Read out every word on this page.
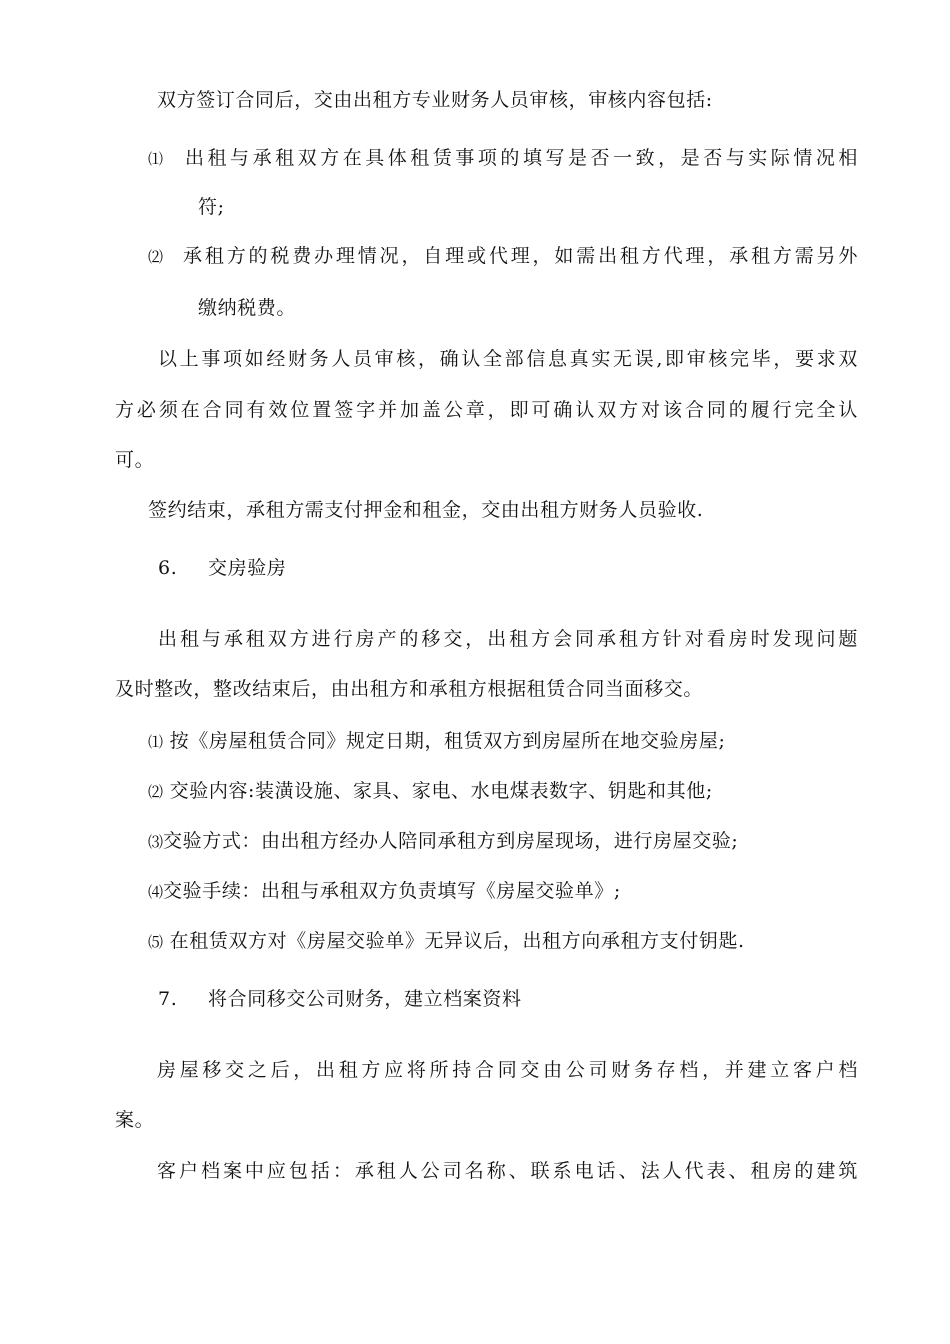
双方签订合同后，交由出租方专业财务人员审核，审核内容包括:
⑴ 出租与承租双方在具体租赁事项的填写是否一致，是否与实际情况相
符;
⑵ 承租方的税费办理情况，自理或代理，如需出租方代理，承租方需另外
缴纳税费。
以上事项如经财务人员审核，确认全部信息真实无误,即审核完毕，要求双
方必须在合同有效位置签字并加盖公章，即可确认双方对该合同的履行完全认
可。
签约结束，承租方需支付押金和租金，交由出租方财务人员验收.
6. 交房验房
出租与承租双方进行房产的移交，出租方会同承租方针对看房时发现问题
及时整改，整改结束后，由出租方和承租方根据租赁合同当面移交。
⑴ 按《房屋租赁合同》规定日期，租赁双方到房屋所在地交验房屋;
⑵ 交验内容:装潢设施、家具、家电、水电煤表数字、钥匙和其他;
⑶交验方式：由出租方经办人陪同承租方到房屋现场，进行房屋交验;
⑷交验手续：出租与承租双方负责填写《房屋交验单》;
⑸ 在租赁双方对《房屋交验单》无异议后，出租方向承租方支付钥匙.
7. 将合同移交公司财务，建立档案资料
房屋移交之后，出租方应将所持合同交由公司财务存档，并建立客户档
案。
客户档案中应包括：承租人公司名称、联系电话、法人代表、租房的建筑
